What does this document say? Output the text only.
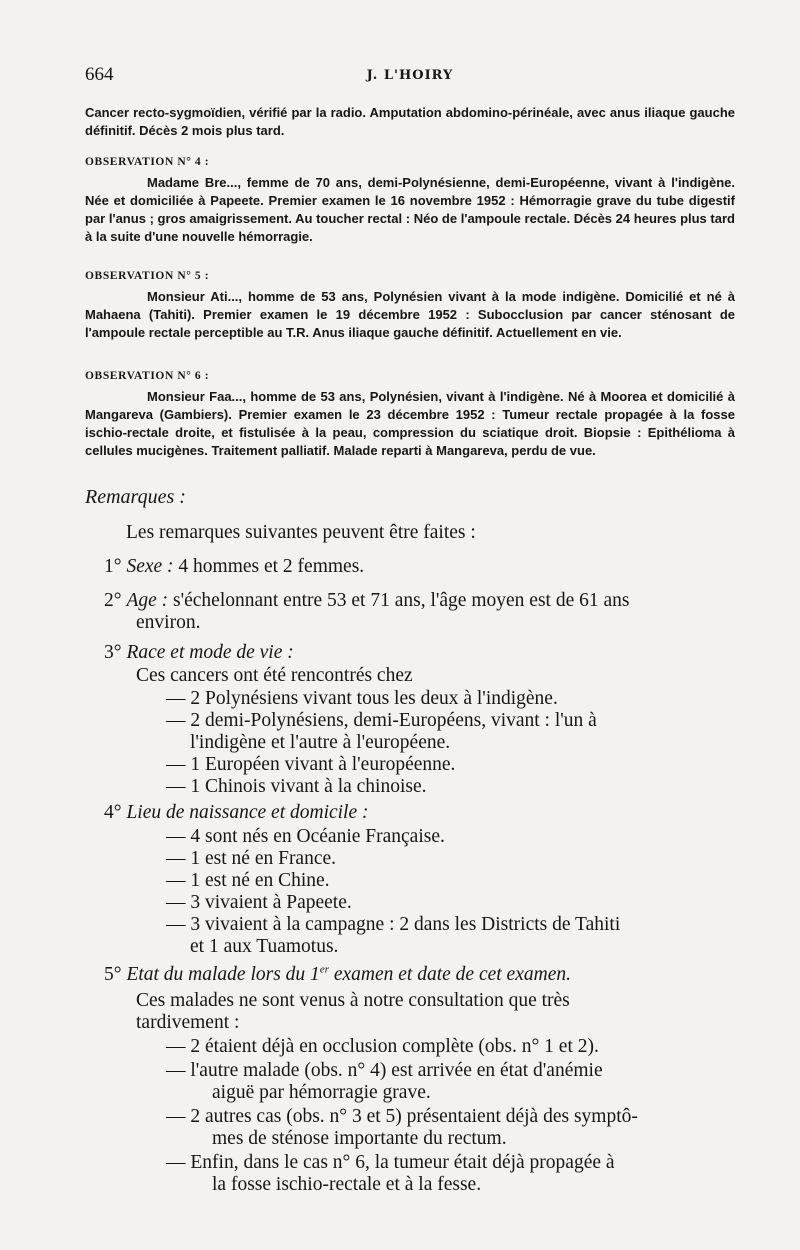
664	J. L'HOIRY

Cancer recto-sygmoïdien, vérifié par la radio. Amputation abdomino-périnéale, avec anus iliaque gauche définitif. Décès 2 mois plus tard.

OBSERVATION N° 4 :

Madame Bre..., femme de 70 ans, demi-Polynésienne, demi-Européenne, vivant à l'indigène. Née et domiciliée à Papeete. Premier examen le 16 novembre 1952 : Hémorragie grave du tube digestif par l'anus ; gros amaigrissement. Au toucher rectal : Néo de l'ampoule rectale. Décès 24 heures plus tard à la suite d'une nouvelle hémorragie.

OBSERVATION N° 5 :

Monsieur Ati..., homme de 53 ans, Polynésien vivant à la mode indigène. Domicilié et né à Mahaena (Tahiti). Premier examen le 19 décembre 1952 : Subocclusion par cancer sténosant de l'ampoule rectale perceptible au T.R. Anus iliaque gauche définitif. Actuellement en vie.

OBSERVATION N° 6 :

Monsieur Faa..., homme de 53 ans, Polynésien, vivant à l'indigène. Né à Moorea et domicilié à Mangareva (Gambiers). Premier examen le 23 décembre 1952 : Tumeur rectale propagée à la fosse ischio-rectale droite, et fistulisée à la peau, compression du sciatique droit. Biopsie : Epithélioma à cellules mucigènes. Traitement palliatif. Malade reparti à Mangareva, perdu de vue.

Remarques :
Les remarques suivantes peuvent être faites :
1° Sexe : 4 hommes et 2 femmes.
2° Age : s'échelonnant entre 53 et 71 ans, l'âge moyen est de 61 ans
environ.
3° Race et mode de vie :
Ces cancers ont été rencontrés chez
— 2 Polynésiens vivant tous les deux à l'indigène.
— 2 demi-Polynésiens, demi-Européens, vivant : l'un à
l'indigène et l'autre à l'européene.
— 1 Européen vivant à l'européenne.
— 1 Chinois vivant à la chinoise.
4° Lieu de naissance et domicile :
— 4 sont nés en Océanie Française.
— 1 est né en France.
— 1 est né en Chine.
— 3 vivaient à Papeete.
— 3 vivaient à la campagne : 2 dans les Districts de Tahiti
et 1 aux Tuamotus.
5° Etat du malade lors du 1er examen et date de cet examen.
Ces malades ne sont venus à notre consultation que très
tardivement :
— 2 étaient déjà en occlusion complète (obs. n° 1 et 2).
— l'autre malade (obs. n° 4) est arrivée en état d'anémie
aiguë par hémorragie grave.
— 2 autres cas (obs. n° 3 et 5) présentaient déjà des symptô-
mes de sténose importante du rectum.
— Enfin, dans le cas n° 6, la tumeur était déjà propagée à
la fosse ischio-rectale et à la fesse.
